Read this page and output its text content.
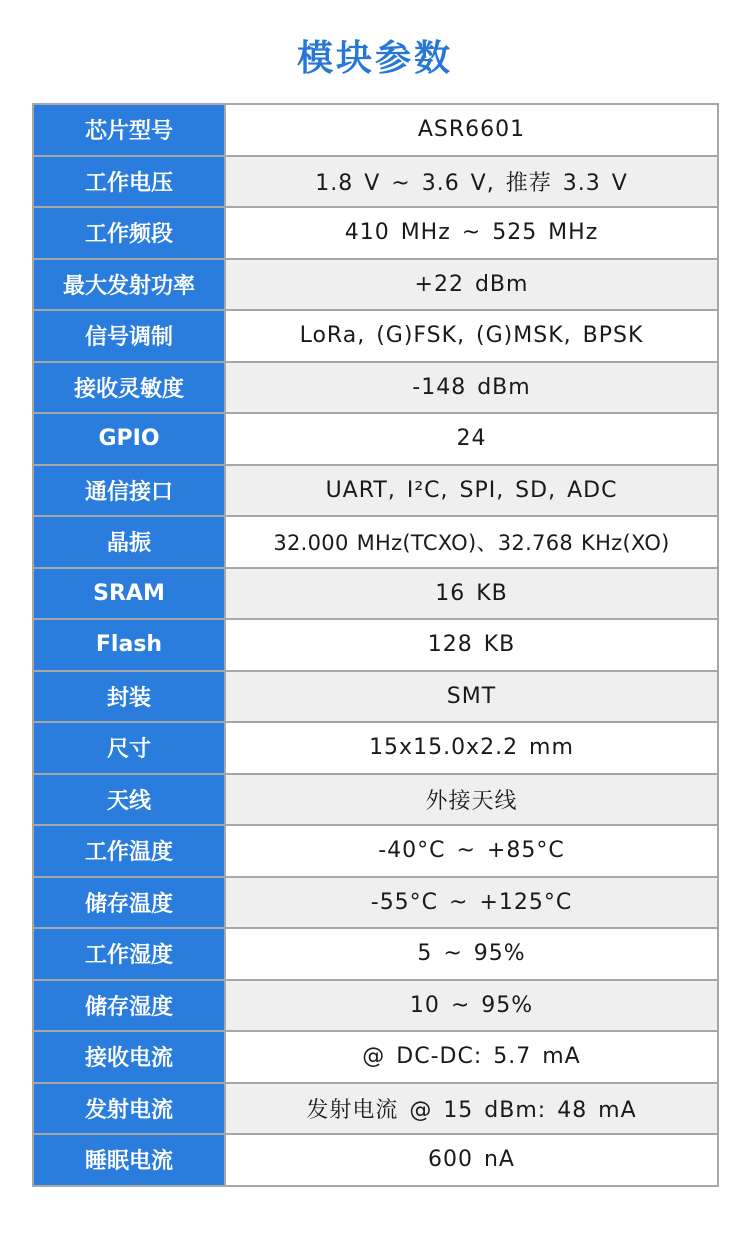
模块参数
芯片型号	ASR6601
工作电压	1.8 V ~ 3.6 V, 推荐 3.3 V
工作频段	410 MHz ~ 525 MHz
最大发射功率	+22 dBm
信号调制	LoRa, (G)FSK, (G)MSK, BPSK
接收灵敏度	-148 dBm
GPIO	24
通信接口	UART, I²C, SPI, SD, ADC
晶振	32.000 MHz(TCXO)、32.768 KHz(XO)
SRAM	16 KB
Flash	128 KB
封装	SMT
尺寸	15x15.0x2.2 mm
天线	外接天线
工作温度	-40°C ~ +85°C
储存温度	-55°C ~ +125°C
工作湿度	5 ~ 95%
储存湿度	10 ~ 95%
接收电流	@ DC-DC: 5.7 mA
发射电流	发射电流 @ 15 dBm: 48 mA
睡眠电流	600 nA
